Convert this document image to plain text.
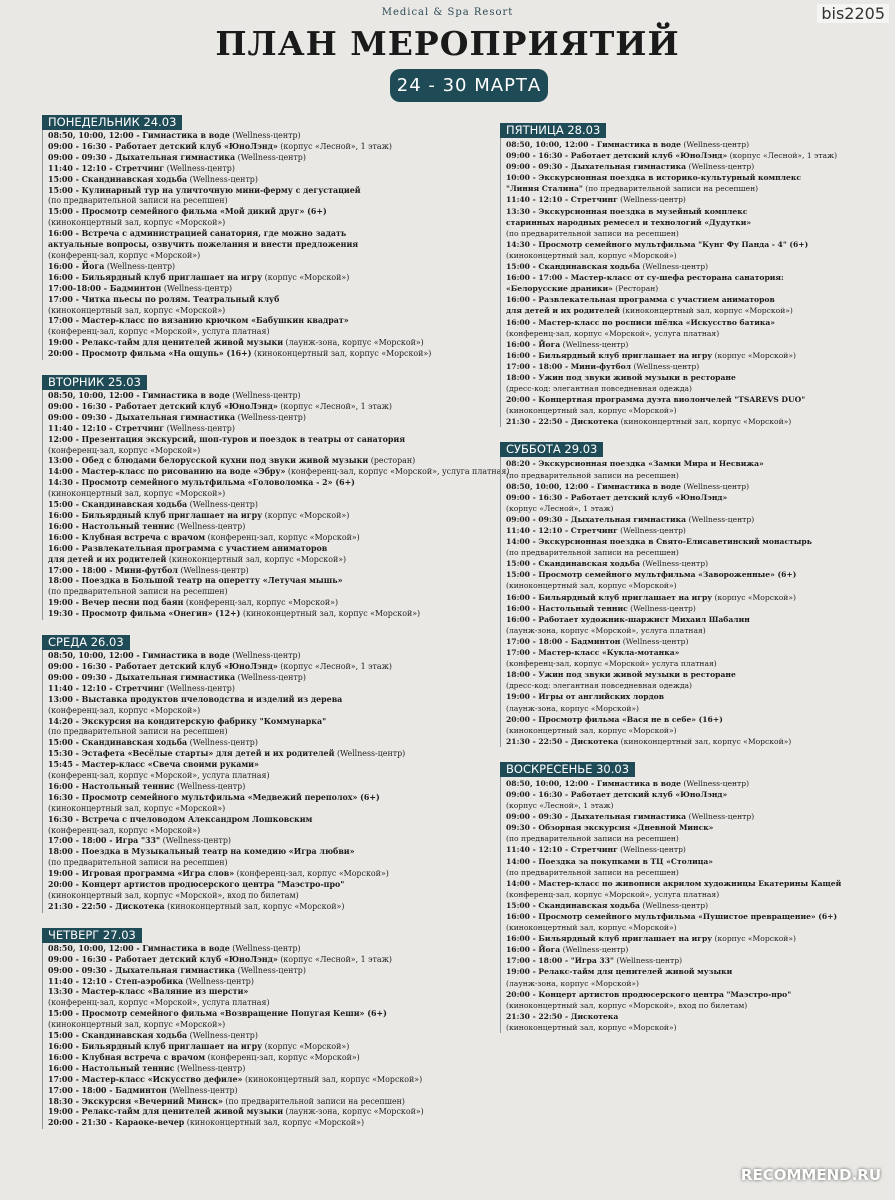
Medical & Spa Resort	bis2205
ПЛАН МЕРОПРИЯТИЙ
24 - 30 МАРТА
ПОНЕДЕЛЬНИК 24.03
08:50, 10:00, 12:00 - Гимнастика в воде (Wellness-центр)
09:00 - 16:30 - Работает детский клуб «ЮноЛэнд» (корпус «Лесной», 1 этаж)
09:00 - 09:30 - Дыхательная гимнастика (Wellness-центр)
11:40 - 12:10 - Стретчинг (Wellness-центр)
15:00 - Скандинавская ходьба (Wellness-центр)
15:00 - Кулинарный тур на уличточную мини-ферму с дегустацией
(по предварительной записи на ресепшен)
15:00 - Просмотр семейного фильма «Мой дикий друг» (6+)
(киноконцертный зал, корпус «Морской»)
16:00 - Встреча с администрацией санатория, где можно задать
актуальные вопросы, озвучить пожелания и внести предложения
(конференц-зал, корпус «Морской»)
16:00 - Йога (Wellness-центр)
16:00 - Бильярдный клуб приглашает на игру (корпус «Морской»)
17:00-18:00 - Бадминтон (Wellness-центр)
17:00 - Читка пьесы по ролям. Театральный клуб
(киноконцертный зал, корпус «Морской»)
17:00 - Мастер-класс по вязанию крючком «Бабушкин квадрат»
(конференц-зал, корпус «Морской», услуга платная)
19:00 - Релакс-тайм для ценителей живой музыки (лаунж-зона, корпус «Морской»)
20:00 - Просмотр фильма «На ощупь» (16+) (киноконцертный зал, корпус «Морской»)
ВТОРНИК 25.03
08:50, 10:00, 12:00 - Гимнастика в воде (Wellness-центр)
09:00 - 16:30 - Работает детский клуб «ЮноЛэнд» (корпус «Лесной», 1 этаж)
09:00 - 09:30 - Дыхательная гимнастика (Wellness-центр)
11:40 - 12:10 - Стретчинг (Wellness-центр)
12:00 - Презентация экскурсий, шоп-туров и поездок в театры от санатория
(конференц-зал, корпус «Морской»)
13:00 - Обед с блюдами белорусской кухни под звуки живой музыки (ресторан)
14:00 - Мастер-класс по рисованию на воде «Эбру» (конференц-зал, корпус «Морской», услуга платная)
14:30 - Просмотр семейного мультфильма «Головоломка - 2» (6+)
(киноконцертный зал, корпус «Морской»)
15:00 - Скандинавская ходьба (Wellness-центр)
16:00 - Бильярдный клуб приглашает на игру (корпус «Морской»)
16:00 - Настольный теннис (Wellness-центр)
16:00 - Клубная встреча с врачом (конференц-зал, корпус «Морской»)
16:00 - Развлекательная программа с участием аниматоров
для детей и их родителей (киноконцертный зал, корпус «Морской»)
17:00 - 18:00 - Мини-футбол (Wellness-центр)
18:00 - Поездка в Большой театр на оперетту «Летучая мышь»
(по предварительной записи на ресепшен)
19:00 - Вечер песни под баян (конференц-зал, корпус «Морской»)
19:30 - Просмотр фильма «Онегин» (12+) (киноконцертный зал, корпус «Морской»)
СРЕДА 26.03
08:50, 10:00, 12:00 - Гимнастика в воде (Wellness-центр)
09:00 - 16:30 - Работает детский клуб «ЮноЛэнд» (корпус «Лесной», 1 этаж)
09:00 - 09:30 - Дыхательная гимнастика (Wellness-центр)
11:40 - 12:10 - Стретчинг (Wellness-центр)
13:00 - Выставка продуктов пчеловодства и изделий из дерева
(конференц-зал, корпус «Морской»)
14:20 - Экскурсия на кондитерскую фабрику "Коммунарка"
(по предварительной записи на ресепшен)
15:00 - Скандинавская ходьба (Wellness-центр)
15:30 - Эстафета «Весёлые старты» для детей и их родителей (Wellness-центр)
15:45 - Мастер-класс «Свеча своими руками»
(конференц-зал, корпус «Морской», услуга платная)
16:00 - Настольный теннис (Wellness-центр)
16:30 - Просмотр семейного мультфильма «Медвежий переполох» (6+)
(киноконцертный зал, корпус «Морской»)
16:30 - Встреча с пчеловодом Александром Лошковским
(конференц-зал, корпус «Морской»)
17:00 - 18:00 - Игра "33" (Wellness-центр)
18:00 - Поездка в Музыкальный театр на комедию «Игра любви»
(по предварительной записи на ресепшен)
19:00 - Игровая программа «Игра слов» (конференц-зал, корпус «Морской»)
20:00 - Концерт артистов продюсерского центра "Маэстро-про"
(киноконцертный зал, корпус «Морской», вход по билетам)
21:30 - 22:50 - Дискотека (киноконцертный зал, корпус «Морской»)
ЧЕТВЕРГ 27.03
08:50, 10:00, 12:00 - Гимнастика в воде (Wellness-центр)
09:00 - 16:30 - Работает детский клуб «ЮноЛэнд» (корпус «Лесной», 1 этаж)
09:00 - 09:30 - Дыхательная гимнастика (Wellness-центр)
11:40 - 12:10 - Степ-аэробика (Wellness-центр)
13:30 - Мастер-класс «Валяние из шерсти»
(конференц-зал, корпус «Морской», услуга платная)
15:00 - Просмотр семейного фильма «Возвращение Попугая Кеши» (6+)
(киноконцертный зал, корпус «Морской»)
15:00 - Скандинавская ходьба (Wellness-центр)
16:00 - Бильярдный клуб приглашает на игру (корпус «Морской»)
16:00 - Клубная встреча с врачом (конференц-зал, корпус «Морской»)
16:00 - Настольный теннис (Wellness-центр)
17:00 - Мастер-класс «Искусство дефиле» (киноконцертный зал, корпус «Морской»)
17:00 - 18:00 - Бадминтон (Wellness-центр)
18:30 - Экскурсия «Вечерний Минск» (по предварительной записи на ресепшен)
19:00 - Релакс-тайм для ценителей живой музыки (лаунж-зона, корпус «Морской»)
20:00 - 21:30 - Караоке-вечер (киноконцертный зал, корпус «Морской»)
ПЯТНИЦА 28.03
08:50, 10:00, 12:00 - Гимнастика в воде (Wellness-центр)
09:00 - 16:30 - Работает детский клуб «ЮноЛэнд» (корпус «Лесной», 1 этаж)
09:00 - 09:30 - Дыхательная гимнастика (Wellness-центр)
10:00 - Экскурсионная поездка в историко-культурный комплекс
"Линия Сталина" (по предварительной записи на ресепшен)
11:40 - 12:10 - Стретчинг (Wellness-центр)
13:30 - Экскурсионная поездка в музейный комплекс
старинных народных ремесел и технологий «Дудутки»
(по предварительной записи на ресепшен)
14:30 - Просмотр семейного мультфильма "Кунг Фу Панда - 4" (6+)
(киноконцертный зал, корпус «Морской»)
15:00 - Скандинавская ходьба (Wellness-центр)
16:00 - 17:00 - Мастер-класс от су-шефа ресторана санатория:
«Белорусские драники» (Ресторан)
16:00 - Развлекательная программа с участием аниматоров
для детей и их родителей (киноконцертный зал, корпус «Морской»)
16:00 - Мастер-класс по росписи шёлка «Искусство батика»
(конференц-зал, корпус «Морской», услуга платная)
16:00 - Йога (Wellness-центр)
16:00 - Бильярдный клуб приглашает на игру (корпус «Морской»)
17:00 - 18:00 - Мини-футбол (Wellness-центр)
18:00 - Ужин под звуки живой музыки в ресторане
(дресс-код: элегантная повседневная одежда)
20:00 - Концертная программа дуэта виолончелей "TSAREVS DUO"
(киноконцертный зал, корпус «Морской»)
21:30 - 22:50 - Дискотека (киноконцертный зал, корпус «Морской»)
СУББОТА 29.03
08:20 - Экскурсионная поездка «Замки Мира и Несвижа»
(по предварительной записи на ресепшен)
08:50, 10:00, 12:00 - Гимнастика в воде (Wellness-центр)
09:00 - 16:30 - Работает детский клуб «ЮноЛэнд»
(корпус «Лесной», 1 этаж)
09:00 - 09:30 - Дыхательная гимнастика (Wellness-центр)
11:40 - 12:10 - Стретчинг (Wellness-центр)
14:00 - Экскурсионная поездка в Свято-Елисаветинский монастырь
(по предварительной записи на ресепшен)
15:00 - Скандинавская ходьба (Wellness-центр)
15:00 - Просмотр семейного мультфильма «Завороженные» (6+)
(киноконцертный зал, корпус «Морской»)
16:00 - Бильярдный клуб приглашает на игру (корпус «Морской»)
16:00 - Настольный теннис (Wellness-центр)
16:00 - Работает художник-шаржист Михаил Шабалин
(лаунж-зона, корпус «Морской», услуга платная)
17:00 - 18:00 - Бадминтон (Wellness-центр)
17:00 - Мастер-класс «Кукла-мотанка»
(конференц-зал, корпус «Морской» услуга платная)
18:00 - Ужин под звуки живой музыки в ресторане
(дресс-код: элегантная повседневная одежда)
19:00 - Игры от английских лордов
(лаунж-зона, корпус «Морской»)
20:00 - Просмотр фильма «Вася не в себе» (16+)
(киноконцертный зал, корпус «Морской»)
21:30 - 22:50 - Дискотека (киноконцертный зал, корпус «Морской»)
ВОСКРЕСЕНЬЕ 30.03
08:50, 10:00, 12:00 - Гимнастика в воде (Wellness-центр)
09:00 - 16:30 - Работает детский клуб «ЮноЛэнд»
(корпус «Лесной», 1 этаж)
09:00 - 09:30 - Дыхательная гимнастика (Wellness-центр)
09:30 - Обзорная экскурсия «Дневной Минск»
(по предварительной записи на ресепшен)
11:40 - 12:10 - Стретчинг (Wellness-центр)
14:00 - Поездка за покупками в ТЦ «Столица»
(по предварительной записи на ресепшен)
14:00 - Мастер-класс по живописи акрилом художницы Екатерины Кащей
(конференц-зал, корпус «Морской», услуга платная)
15:00 - Скандинавская ходьба (Wellness-центр)
16:00 - Просмотр семейного мультфильма «Пушистое превращение» (6+)
(киноконцертный зал, корпус «Морской»)
16:00 - Бильярдный клуб приглашает на игру (корпус «Морской»)
16:00 - Йога (Wellness-центр)
17:00 - 18:00 - "Игра 33" (Wellness-центр)
19:00 - Релакс-тайм для ценителей живой музыки
(лаунж-зона, корпус «Морской»)
20:00 - Концерт артистов продюсерского центра "Маэстро-про"
(киноконцертный зал, корпус «Морской», вход по билетам)
21:30 - 22:50 - Дискотека
(киноконцертный зал, корпус «Морской»)
RECOMMEND.RU
